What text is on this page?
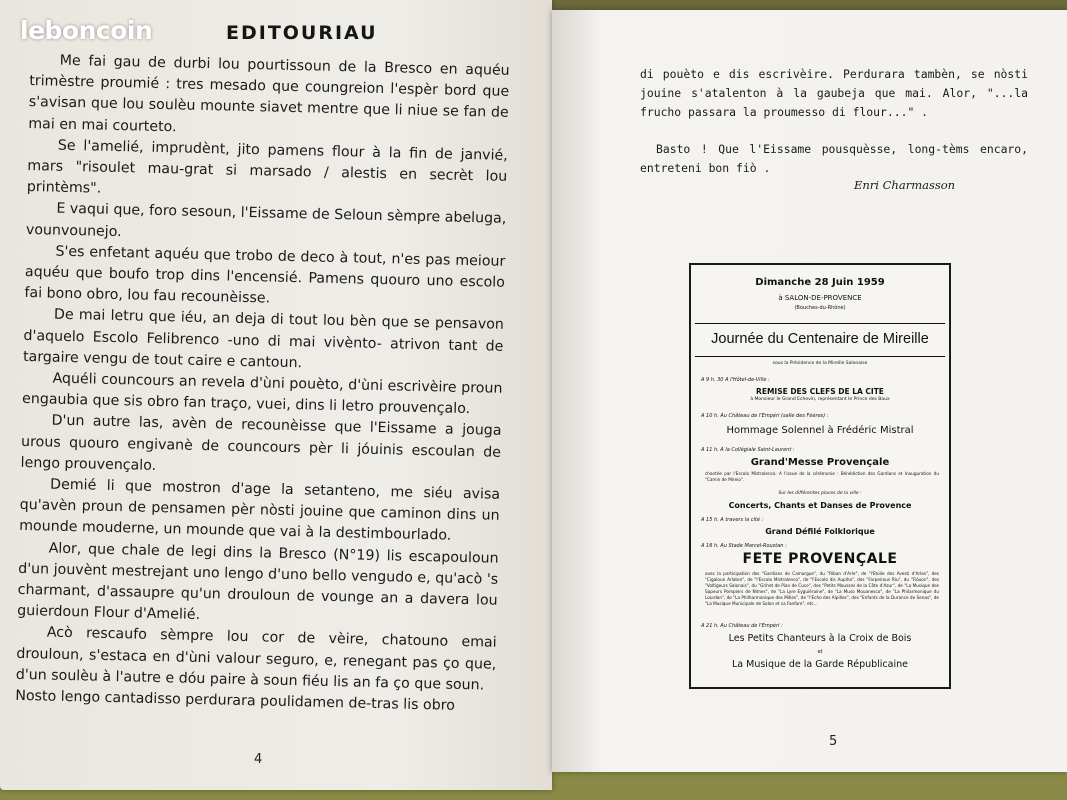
EDITOURIAU

Me fai gau de durbi lou pourtissoun de la Bresco en aquéu trimèstre proumié : tres mesado que coungreion l'espèr bord que s'avisan que lou soulèu mounte siavet mentre que li niue se fan de mai en mai courteto.

Se l'amelié, imprudènt, jito pamens flour à la fin de janvié, mars "risoulet mau-grat si marsado / alestis en secrèt lou printèms".

E vaqui que, foro sesoun, l'Eissame de Seloun sèmpre abeluga, vounvounejo.

S'es enfetant aquéu que trobo de deco à tout, n'es pas meiour aquéu que boufo trop dins l'encensié. Pamens quouro uno escolo fai bono obro, lou fau recounèisse.

De mai letru que iéu, an deja di tout lou bèn que se pensavon d'aquelo Escolo Felibrenco -uno di mai vivènto- atrivon tant de targaire vengu de tout caire e cantoun.

Aquéli councours an revela d'ùni pouèto, d'ùni escrivèire proun engaubia que sis obro fan traço, vuei, dins li letro prouvençalo.

D'un autre las, avèn de recounèisse que l'Eissame a jouga urous quouro engivanè de councours pèr li jóuinis escoulan de lengo prouvençalo.

Demié li que mostron d'age la setanteno, me siéu avisa qu'avèn proun de pensamen pèr nòsti jouine que caminon dins un mounde mouderne, un mounde que vai à la destimbourlado.

Alor, que chale de legi dins la Bresco (N°19) lis escapouloun d'un jouvènt mestrejant uno lengo d'uno bello vengudo e, qu'acò 's charmant, d'assaupre qu'un drouloun de vounge an a davera lou guierdoun Flour d'Amelié.

Acò rescaufo sèmpre lou cor de vèire, chatouno emai drouloun, s'estaca en d'ùni valour seguro, e, renegant pas ço que, d'un soulèu à l'autre e dóu paire à soun fiéu lis an fa ço que soun.

Nosto lengo cantadisso perdurara poulidamen de-tras lis obro

4
leboncoin

di pouèto e dis escrivèire. Perdurara tambèn, se nòsti jouine s'atalenton à la gaubeja que mai. Alor, "...la frucho passara la proumesso di flour..." .

Basto ! Que l'Eissame pousquèsse, long-tèms encaro, entreteni bon fiò .

Enri Charmasson
Dimanche 28 Juin 1959
à SALON-DE-PROVENCE
(Bouches-du-Rhône)
Journée du Centenaire de Mireille
sous la Présidence de la Mireille Salonaise
A 9 h. 30 A l'Hôtel-de-Ville :
REMISE DES CLEFS DE LA CITE
à Monsieur le Grand Echevin, représentant le Prince des Baux
A 10 h. Au Château de l'Empéri (salle des Fééres) :
Hommage Solennel à Frédéric Mistral
A 11 h. A la Collégiale Saint-Laurent :
Grand'Messe Provençale
chantée par l'Escolo Mistralenco. A l'issue de la cérémonie : Bénédiction des Gardians et Inauguration du "Camin de Mireio".
Sur les différentes places de la ville :
Concerts, Chants et Danses de Provence
A 15 h. A travers la cité :
Grand Défilé Folklorique
A 16 h. Au Stade Marcel-Roustan :
FETE PROVENÇALE
avec la participation des "Gardians de Camargue", du "Riban d'Arle", de "l'Etoile des Avesti d'Arles", des "Cigaloun Arlaten", de "l'Escolo Mistralenco", de "l'Escolo dis Aupiho", des "Farpeirous Riu", du "Fiòuon", des "Voltigeurs Salonais", du "Grihet de Pian de Cuco", des "Petits Mousses de la Côte d'Azur", de "La Musique des Sapeurs Pompiers de Nîmes", de "La Lyre Eyguiéraine", de "La Muso Mouanesco", de "La Philarmonique du Lourdan", de "La Philharmonique des Milles", de "l'Echo des Alpilles", des "Enfants de la Durance de Senas", de "La Musique Municipale de Salon et sa Fanfare", etc...
A 21 h. Au Château de l'Empéri :
Les Petits Chanteurs à la Croix de Bois
et
La Musique de la Garde Républicaine
5
